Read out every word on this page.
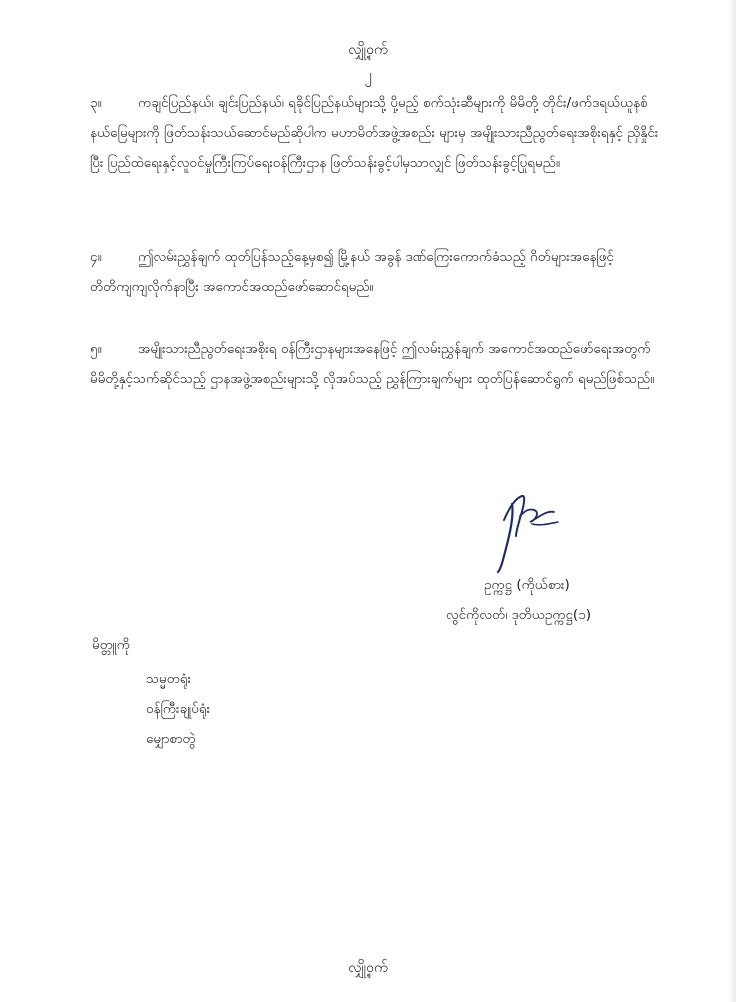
လျှို့ဝှက်
၂

၃။	ကချင်ပြည်နယ်၊ ချင်းပြည်နယ်၊ ရခိုင်ပြည်နယ်များသို့ ပို့မည့် စက်သုံးဆီများကို မိမိတို့ တိုင်း/ဖက်ဒရယ်ယူနစ်နယ်မြေများကို ဖြတ်သန်းသယ်ဆောင်မည်ဆိုပါက မဟာမိတ်အဖွဲ့အစည်း များမှ အမျိုးသားညီညွတ်ရေးအစိုးရနှင့် ညှိနှိုင်းပြီး ပြည်ထဲရေးနှင့်လူဝင်မှုကြီးကြပ်ရေးဝန်ကြီးဌာန ဖြတ်သန်းခွင့်ပါမှသာလျှင် ဖြတ်သန်းခွင့်ပြုရမည်။

၄။	ဤလမ်းညွှန်ချက် ထုတ်ပြန်သည့်နေ့မှစ၍ မြို့နယ် အခွန် ဒဏ်ကြေးကောက်ခံသည့် ဂိတ်များအနေဖြင့် တိတိကျကျလိုက်နာပြီး အကောင်အထည်ဖော်ဆောင်ရမည်။

၅။	အမျိုးသားညီညွတ်ရေးအစိုးရ ဝန်ကြီးဌာနများအနေဖြင့် ဤလမ်းညွှန်ချက် အကောင်အထည်ဖော်ရေးအတွက် မိမိတို့နှင့်သက်ဆိုင်သည့် ဌာနအဖွဲ့အစည်းများသို့ လိုအပ်သည့် ညွှန်ကြားချက်များ ထုတ်ပြန်ဆောင်ရွက် ရမည်ဖြစ်သည်။

ဥက္ကဋ္ဌ (ကိုယ်စား)
လွင်ကိုလတ်၊ ဒုတိယဥက္ကဋ္ဌ(၁)
မိတ္တူကို
သမ္မတရုံး
ဝန်ကြီးချုပ်ရုံး
မျှောစာတွဲ
လျှို့ဝှက်
